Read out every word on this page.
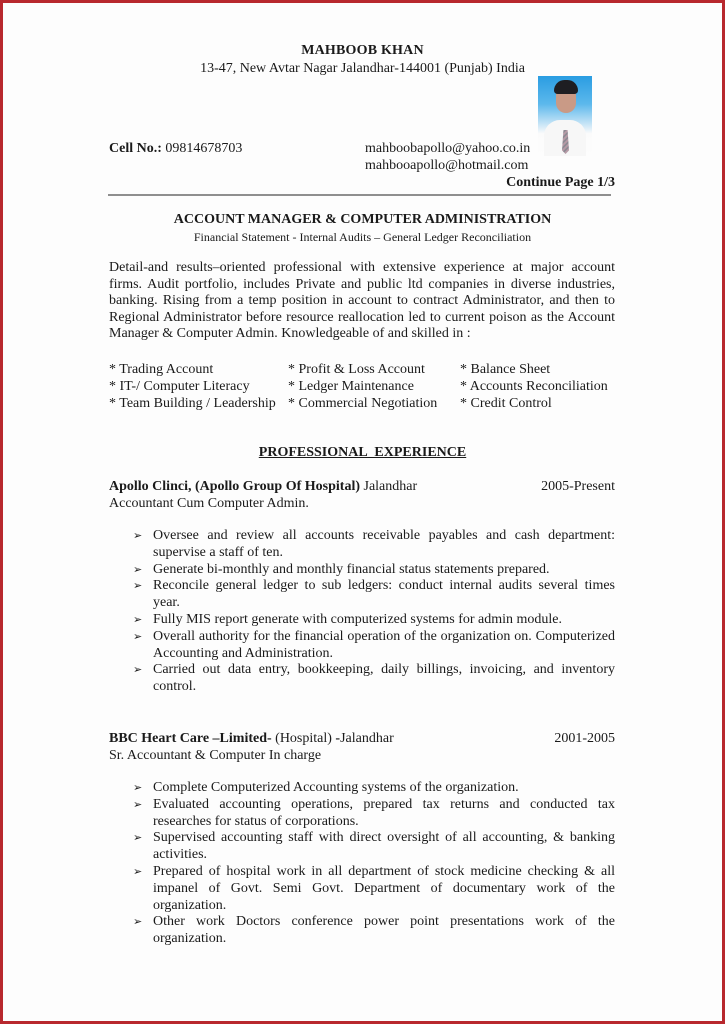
MAHBOOB KHAN
13-47, New Avtar Nagar Jalandhar-144001 (Punjab) India
Cell No.: 09814678703	mahboobapollo@yahoo.co.in
mahbooapollo@hotmail.com
Continue Page 1/3
ACCOUNT MANAGER & COMPUTER ADMINISTRATION
Financial Statement - Internal Audits – General Ledger Reconciliation
Detail-and results–oriented professional with extensive experience at major account firms. Audit portfolio, includes Private and public ltd companies in diverse industries, banking. Rising from a temp position in account to contract Administrator, and then to Regional Administrator before resource reallocation led to current poison as the Account Manager & Computer Admin. Knowledgeable of and skilled in :
* Trading Account	* Profit & Loss Account	* Balance Sheet
* IT-/ Computer Literacy	* Ledger Maintenance	* Accounts Reconciliation
* Team Building / Leadership * Commercial Negotiation * Credit Control
PROFESSIONAL EXPERIENCE
Apollo Clinci, (Apollo Group Of Hospital) Jalandhar	2005-Present
Accountant Cum Computer Admin.
➢ Oversee and review all accounts receivable payables and cash department: supervise a staff of ten.
➢ Generate bi-monthly and monthly financial status statements prepared.
➢ Reconcile general ledger to sub ledgers: conduct internal audits several times year.
➢ Fully MIS report generate with computerized systems for admin module.
➢ Overall authority for the financial operation of the organization on. Computerized Accounting and Administration.
➢ Carried out data entry, bookkeeping, daily billings, invoicing, and inventory control.
BBC Heart Care –Limited- (Hospital) -Jalandhar	2001-2005
Sr. Accountant & Computer In charge
➢ Complete Computerized Accounting systems of the organization.
➢ Evaluated accounting operations, prepared tax returns and conducted tax researches for status of corporations.
➢ Supervised accounting staff with direct oversight of all accounting, & banking activities.
➢ Prepared of hospital work in all department of stock medicine checking & all impanel of Govt. Semi Govt. Department of documentary work of the organization.
➢ Other work Doctors conference power point presentations work of the organization.
